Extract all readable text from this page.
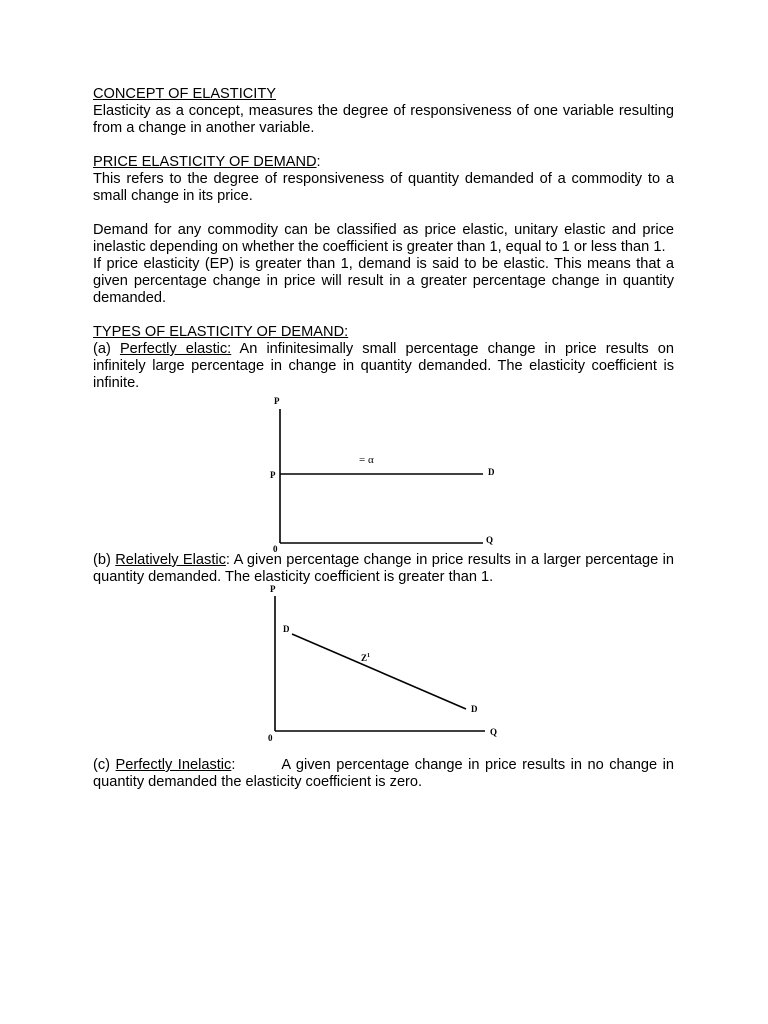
CONCEPT OF ELASTICITY

Elasticity as a concept, measures the degree of responsiveness of one variable resulting from a change in another variable.

PRICE ELASTICITY OF DEMAND:

This refers to the degree of responsiveness of quantity demanded of a commodity to a small change in its price.

Demand for any commodity can be classified as price elastic, unitary elastic and price inelastic depending on whether the coefficient is greater than 1, equal to 1 or less than 1.

If price elasticity (EP) is greater than 1, demand is said to be elastic. This means that a given percentage change in price will result in a greater percentage change in quantity demanded.

TYPES OF ELASTICITY OF DEMAND:

(a) Perfectly elastic: An infinitesimally small percentage change in price results on infinitely large percentage in change in quantity demanded. The elasticity coefficient is infinite.

P
P	D
= α
0
Q

(b) Relatively Elastic: A given percentage change in price results in a larger percentage in quantity demanded. The elasticity coefficient is greater than 1.

P
D
D
$Z^1$
0
Q

(c) Perfectly Inelastic:	A given percentage change in price results in no change in quantity demanded the elasticity coefficient is zero.
